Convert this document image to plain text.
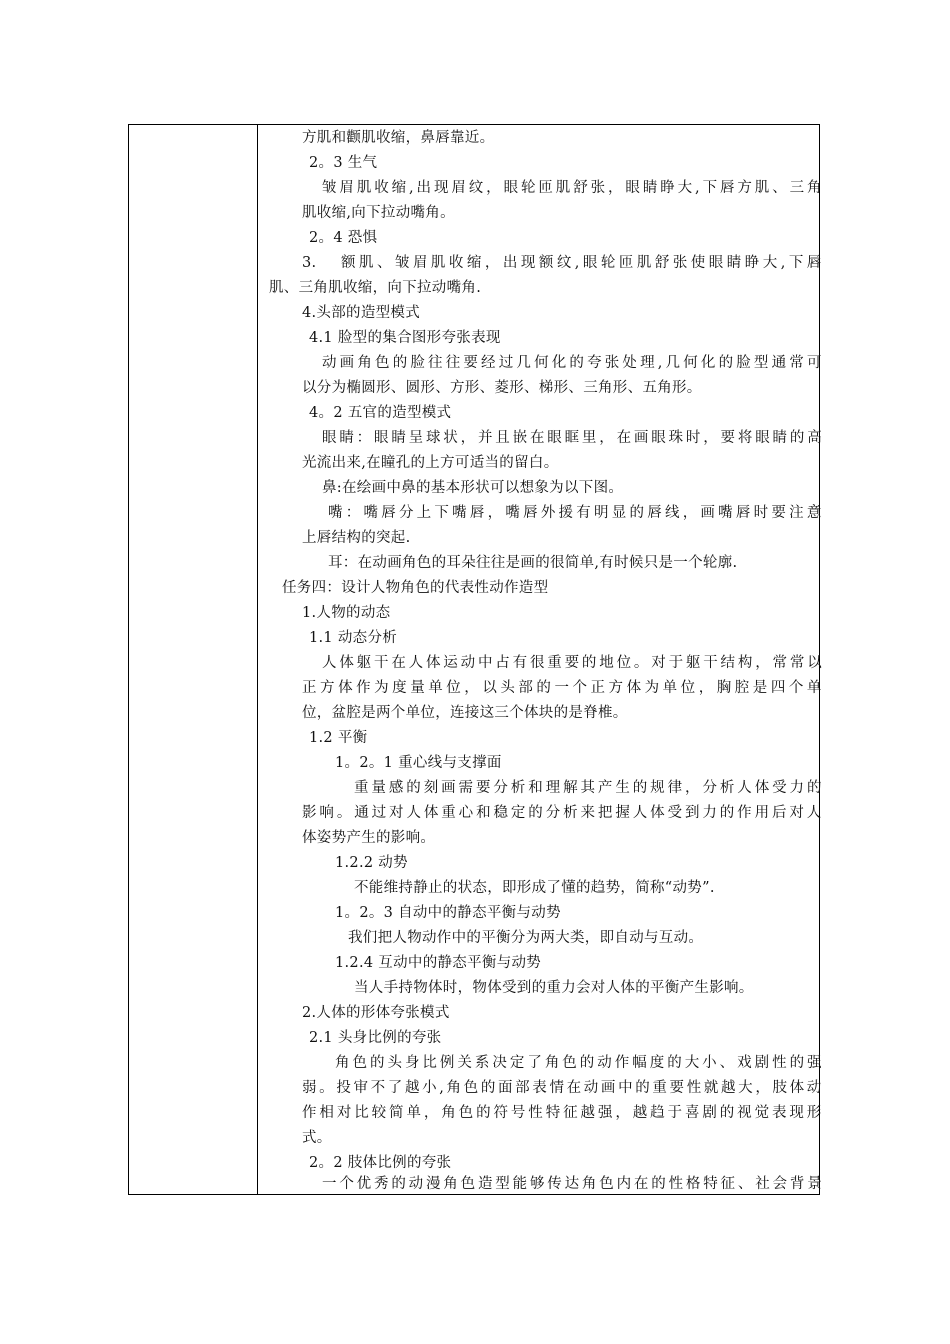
方肌和颧肌收缩，鼻唇靠近。
2。3 生气
皱 眉 肌 收 缩 , 出 现 眉 纹 ， 眼 轮 匝 肌 舒 张 ， 眼 睛 睁 大 , 下 唇 方 肌 、 三 角
肌收缩,向下拉动嘴角。
2。4 恐惧
3. 额 肌 、 皱 眉 肌 收 缩 ， 出 现 额 纹 , 眼 轮 匝 肌 舒 张 使 眼 睛 睁 大 , 下 唇
肌、三角肌收缩，向下拉动嘴角.
4.头部的造型模式
4.1 脸型的集合图形夸张表现
动 画 角 色 的 脸 往 往 要 经 过 几 何 化 的 夸 张 处 理 , 几 何 化 的 脸 型 通 常 可
以分为椭圆形、圆形、方形、菱形、梯形、三角形、五角形。
4。2 五官的造型模式
眼 睛 ： 眼 睛 呈 球 状 ， 并 且 嵌 在 眼 眶 里 ， 在 画 眼 珠 时 ， 要 将 眼 睛 的 高
光流出来,在瞳孔的上方可适当的留白。
鼻:在绘画中鼻的基本形状可以想象为以下图。
嘴 ： 嘴 唇 分 上 下 嘴 唇 ， 嘴 唇 外 援 有 明 显 的 唇 线 ， 画 嘴 唇 时 要 注 意
上唇结构的突起.
耳：在动画角色的耳朵往往是画的很简单,有时候只是一个轮廓.
任务四：设计人物角色的代表性动作造型
1.人物的动态
1.1 动态分析
人 体 躯 干 在 人 体 运 动 中 占 有 很 重 要 的 地 位 。 对 于 躯 干 结 构 ， 常 常 以
正 方 体 作 为 度 量 单 位 ， 以 头 部 的 一 个 正 方 体 为 单 位 ， 胸 腔 是 四 个 单
位，盆腔是两个单位，连接这三个体块的是脊椎。
1.2 平衡
1。2。1 重心线与支撑面
重 量 感 的 刻 画 需 要 分 析 和 理 解 其 产 生 的 规 律 ， 分 析 人 体 受 力 的
影 响 。 通 过 对 人 体 重 心 和 稳 定 的 分 析 来 把 握 人 体 受 到 力 的 作 用 后 对 人
体姿势产生的影响。
1.2.2 动势
不能维持静止的状态，即形成了懂的趋势，简称“动势”.
1。2。3 自动中的静态平衡与动势
我们把人物动作中的平衡分为两大类，即自动与互动。
1.2.4 互动中的静态平衡与动势
当人手持物体时，物体受到的重力会对人体的平衡产生影响。
2.人体的形体夸张模式
2.1 头身比例的夸张
角 色 的 头 身 比 例 关 系 决 定 了 角 色 的 动 作 幅 度 的 大 小 、 戏 剧 性 的 强
弱 。 投 审 不 了 越 小 , 角 色 的 面 部 表 情 在 动 画 中 的 重 要 性 就 越 大 ， 肢 体 动
作 相 对 比 较 简 单 ， 角 色 的 符 号 性 特 征 越 强 ， 越 趋 于 喜 剧 的 视 觉 表 现 形
式。
2。2 肢体比例的夸张
一 个 优 秀 的 动 漫 角 色 造 型 能 够 传 达 角 色 内 在 的 性 格 特 征 、 社 会 背 景
